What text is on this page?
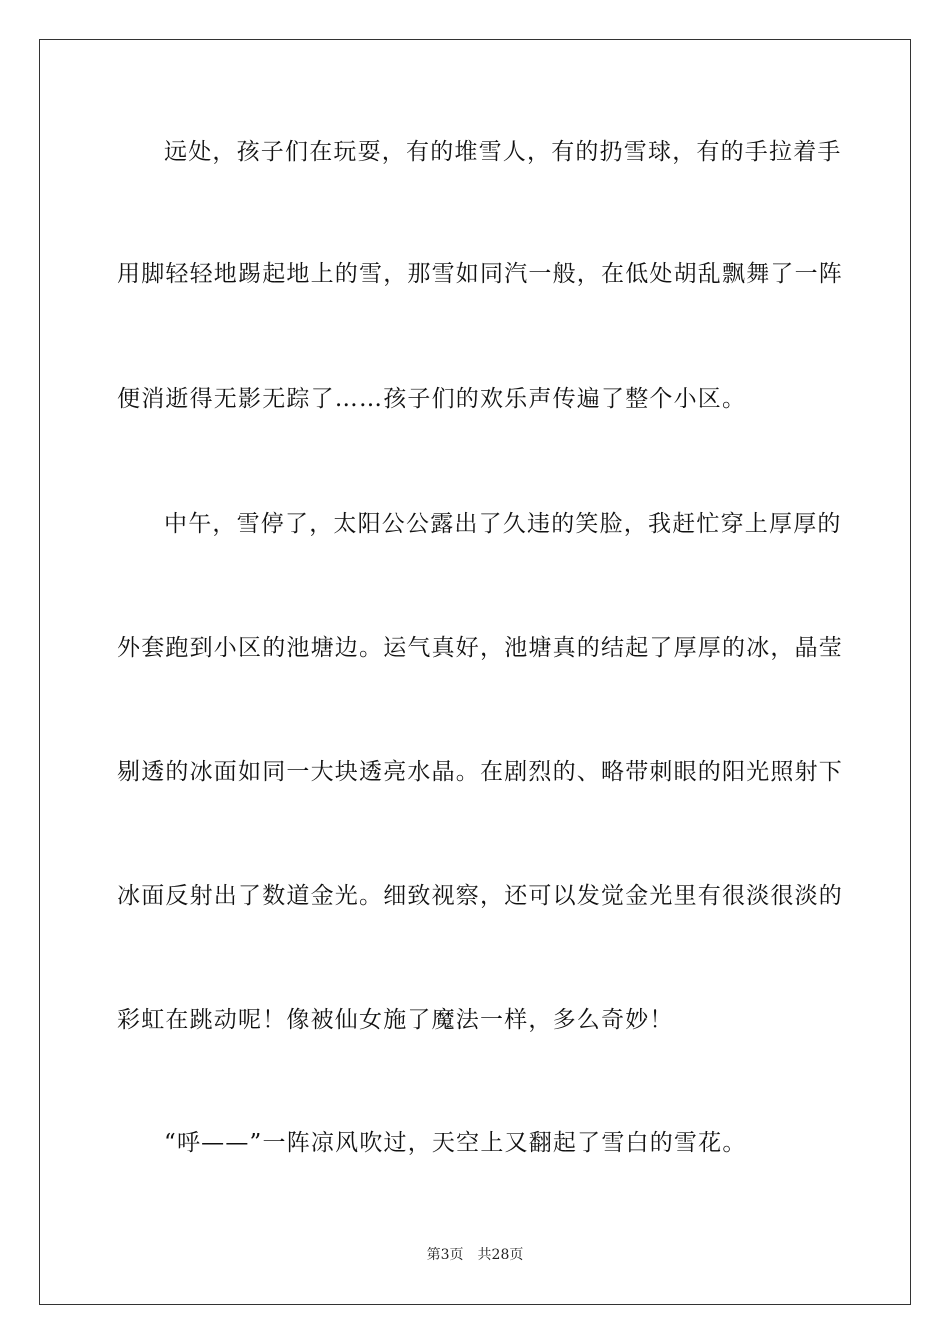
远处，孩子们在玩耍，有的堆雪人，有的扔雪球，有的手拉着手
用脚轻轻地踢起地上的雪，那雪如同汽一般，在低处胡乱飘舞了一阵
便消逝得无影无踪了……孩子们的欢乐声传遍了整个小区。
中午，雪停了，太阳公公露出了久违的笑脸，我赶忙穿上厚厚的
外套跑到小区的池塘边。运气真好，池塘真的结起了厚厚的冰，晶莹
剔透的冰面如同一大块透亮水晶。在剧烈的、略带刺眼的阳光照射下
冰面反射出了数道金光。细致视察，还可以发觉金光里有很淡很淡的
彩虹在跳动呢！像被仙女施了魔法一样，多么奇妙！
“呼——”一阵凉风吹过，天空上又翻起了雪白的雪花。
第3页 共28页
